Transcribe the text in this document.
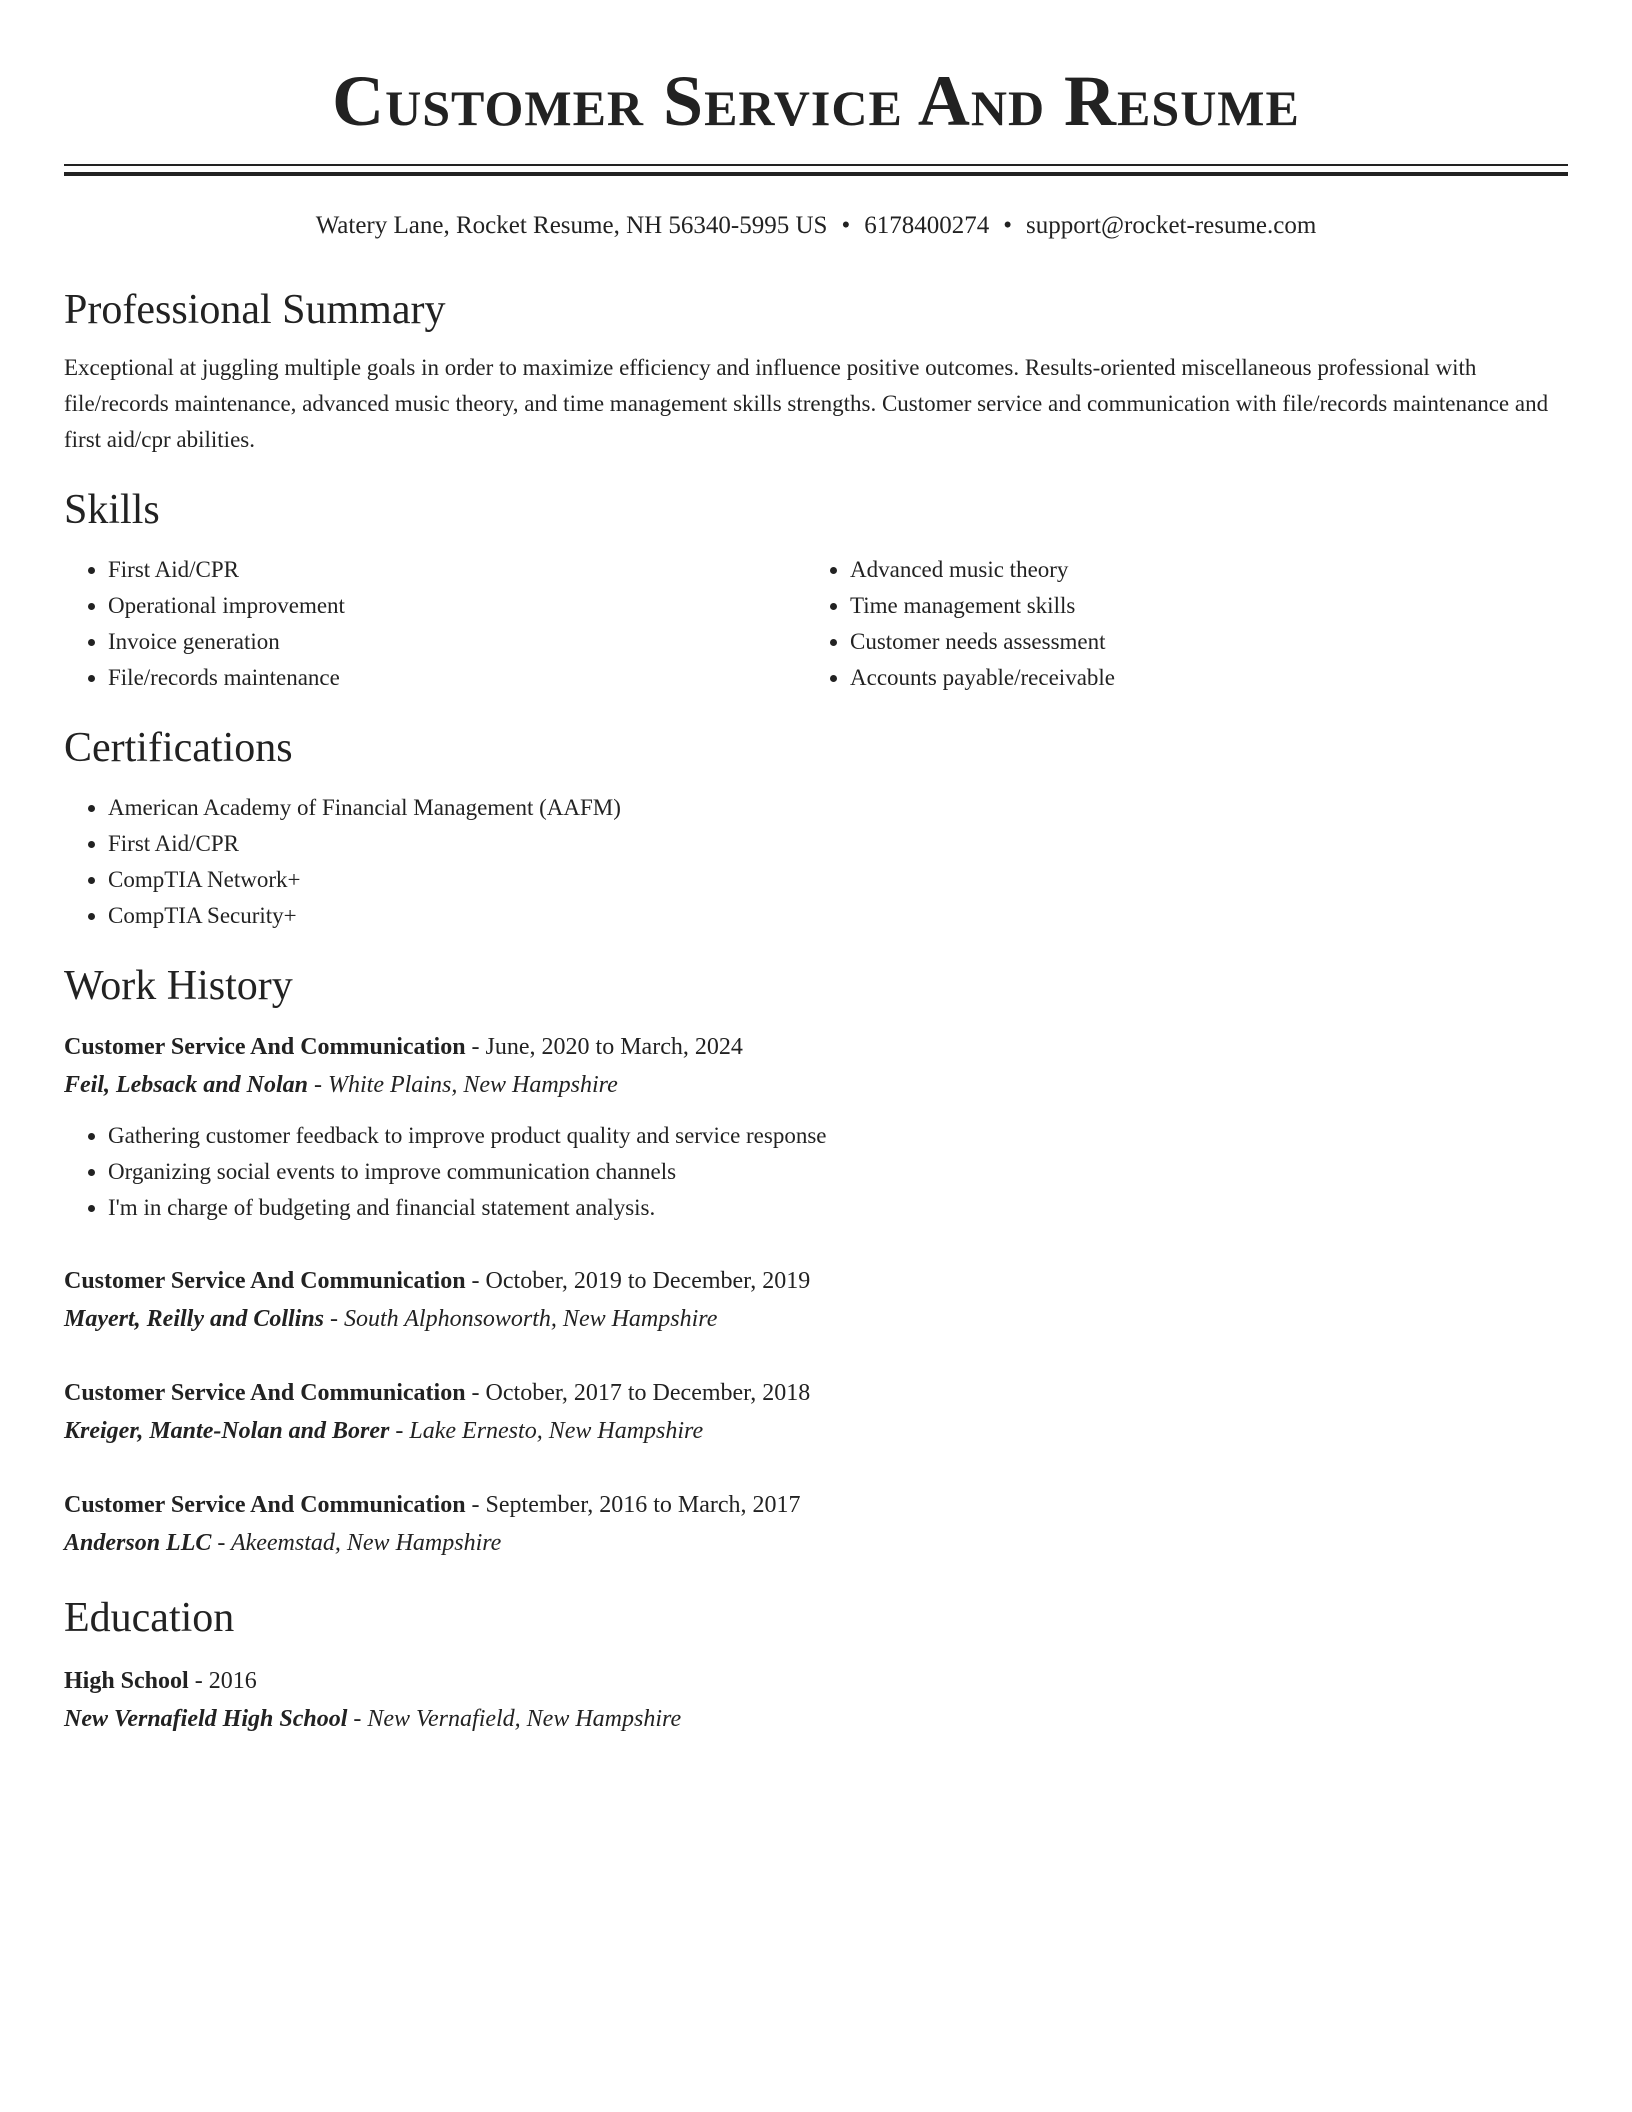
Customer Service And Resume
Watery Lane, Rocket Resume, NH 56340-5995 US • 6178400274 • support@rocket-resume.com
Professional Summary
Exceptional at juggling multiple goals in order to maximize efficiency and influence positive outcomes. Results-oriented miscellaneous professional with file/records maintenance, advanced music theory, and time management skills strengths. Customer service and communication with file/records maintenance and first aid/cpr abilities.
Skills
• First Aid/CPR
• Operational improvement
• Invoice generation
• File/records maintenance
• Advanced music theory
• Time management skills
• Customer needs assessment
• Accounts payable/receivable
Certifications
• American Academy of Financial Management (AAFM)
• First Aid/CPR
• CompTIA Network+
• CompTIA Security+
Work History
Customer Service And Communication - June, 2020 to March, 2024
Feil, Lebsack and Nolan - White Plains, New Hampshire
• Gathering customer feedback to improve product quality and service response
• Organizing social events to improve communication channels
• I'm in charge of budgeting and financial statement analysis.
Customer Service And Communication - October, 2019 to December, 2019
Mayert, Reilly and Collins - South Alphonsoworth, New Hampshire
Customer Service And Communication - October, 2017 to December, 2018
Kreiger, Mante-Nolan and Borer - Lake Ernesto, New Hampshire
Customer Service And Communication - September, 2016 to March, 2017
Anderson LLC - Akeemstad, New Hampshire
Education
High School - 2016
New Vernafield High School - New Vernafield, New Hampshire
